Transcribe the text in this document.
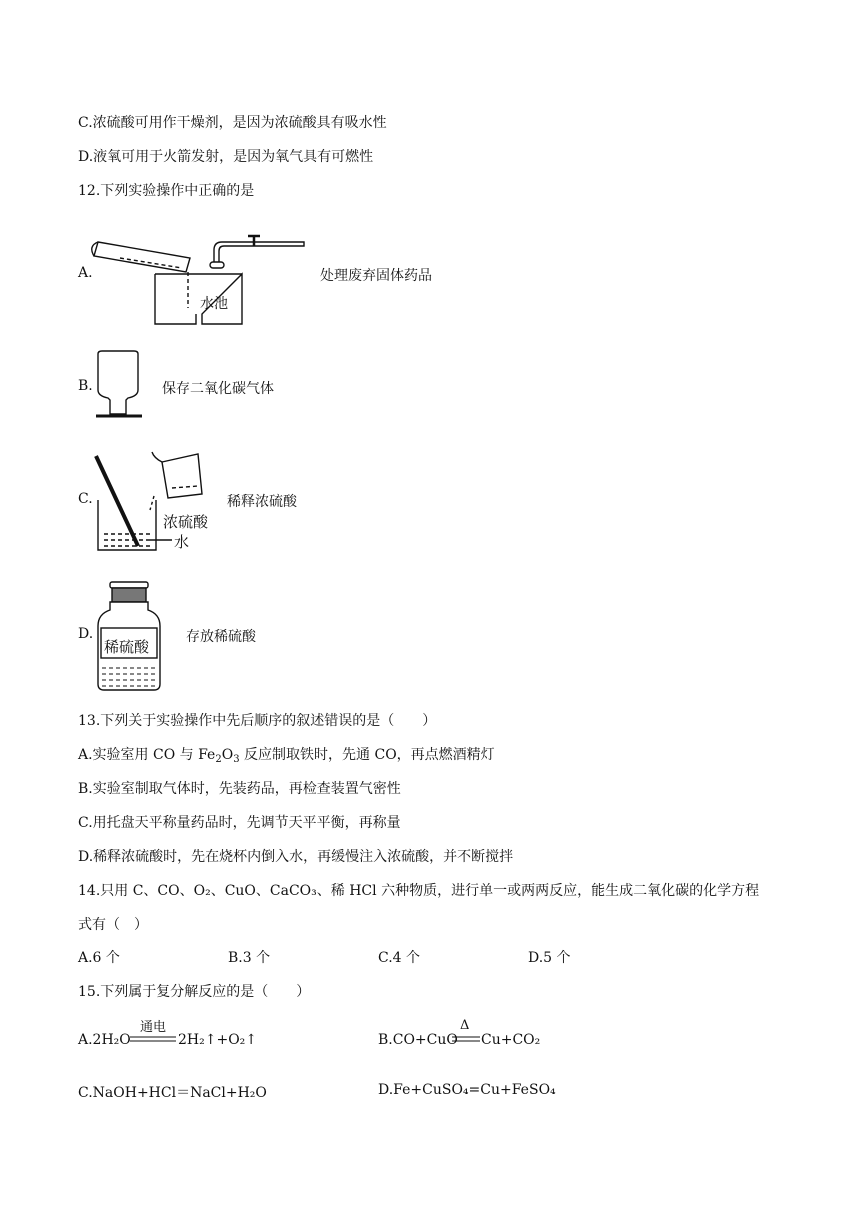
C.浓硫酸可用作干燥剂，是因为浓硫酸具有吸水性
D.液氧可用于火箭发射，是因为氧气具有可燃性
12.下列实验操作中正确的是
A.
水池
处理废弃固体药品
B.	保存二氧化碳气体
C.
浓硫酸
水
稀释浓硫酸
D.
稀硫酸
存放稀硫酸
13.下列关于实验操作中先后顺序的叙述错误的是（　　）
A.实验室用 CO 与 $Fe_2O_3$ 反应制取铁时，先通 CO，再点燃酒精灯
B.实验室制取气体时，先装药品，再检查装置气密性
C.用托盘天平称量药品时，先调节天平平衡，再称量
D.稀释浓硫酸时，先在烧杯内倒入水，再缓慢注入浓硫酸，并不断搅拌
14.只用 C、CO、O₂、CuO、CaCO₃、稀 HCl 六种物质，进行单一或两两反应，能生成二氧化碳的化学方程
式有（　）
A.6 个	B.3 个	C.4 个	D.5 个
15.下列属于复分解反应的是（　　）
A.2H₂O
通电
2H₂↑+O₂↑	B.CO+CuO
Δ
Cu+CO₂
C.NaOH+HCl＝NaCl+H₂O	D.Fe+CuSO₄=Cu+FeSO₄
